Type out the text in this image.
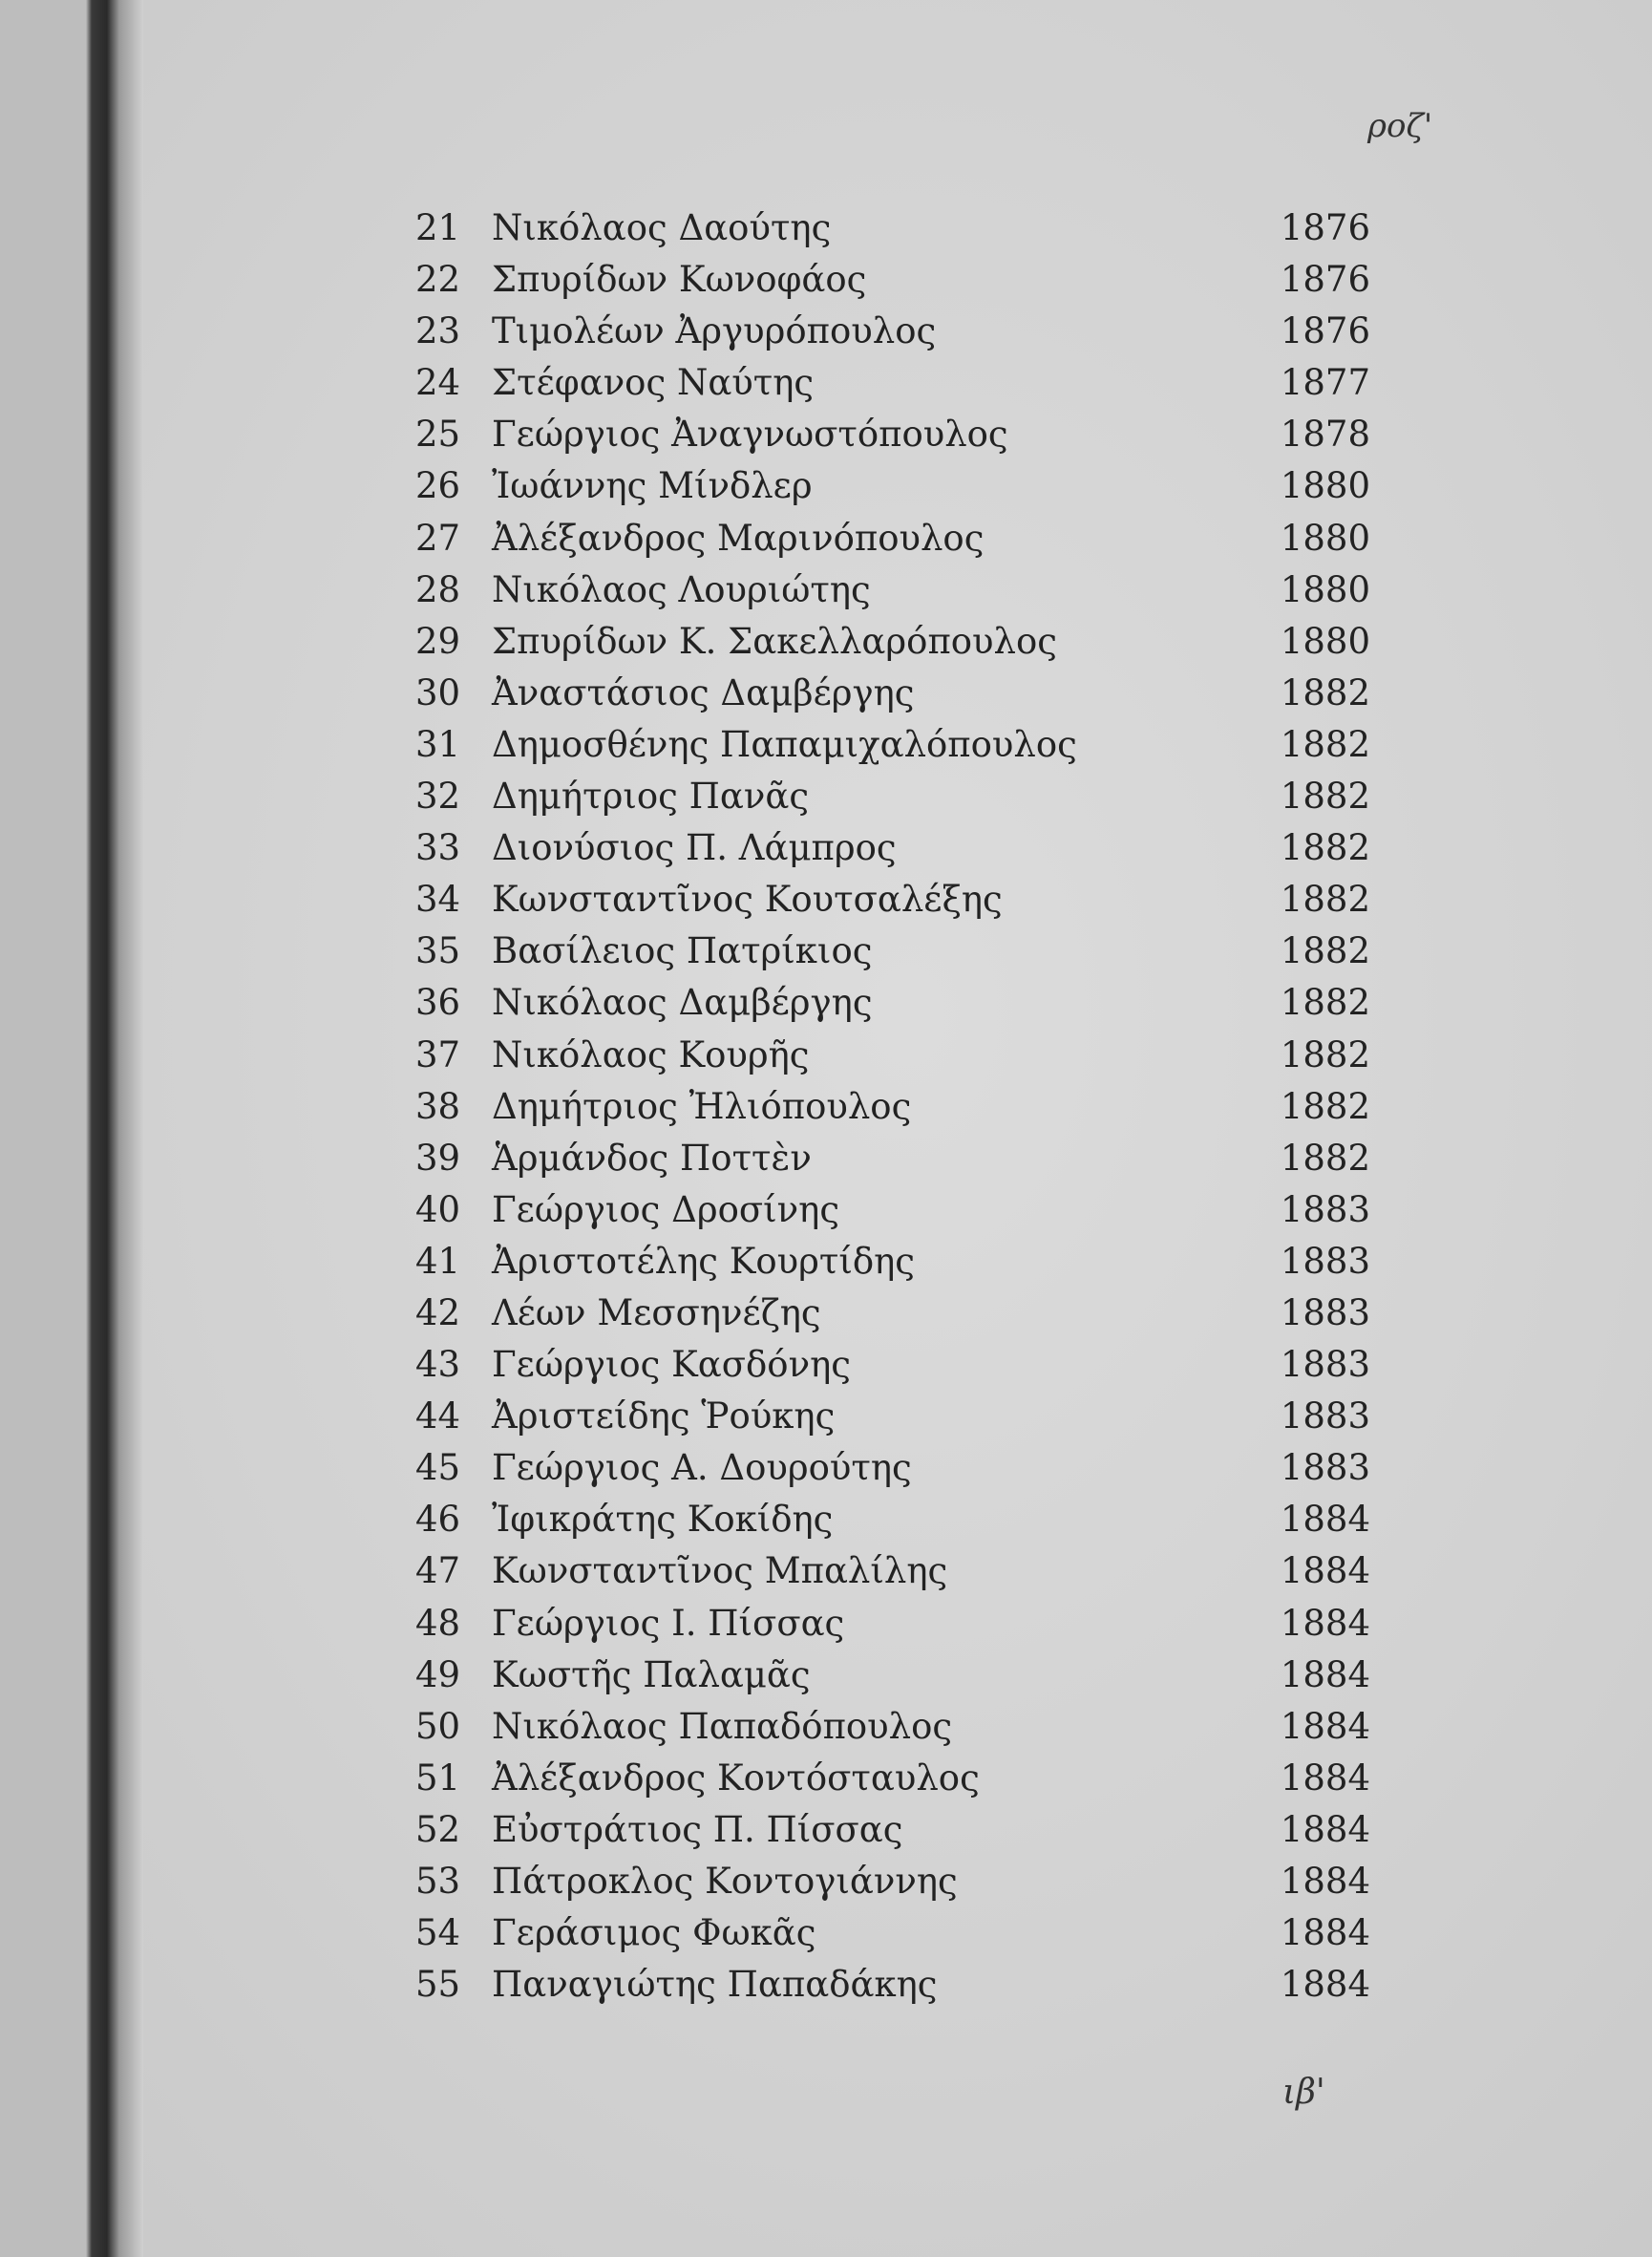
ροζ'
21 Νικόλαος Δαούτης	1876
22 Σπυρίδων Κωνοφάος	1876
23 Τιμολέων Ἀργυρόπουλος	1876
24 Στέφανος Ναύτης	1877
25 Γεώργιος Ἀναγνωστόπουλος	1878
26 Ἰωάννης Μίνδλερ	1880
27 Ἀλέξανδρος Μαρινόπουλος	1880
28 Νικόλαος Λουριώτης	1880
29 Σπυρίδων Κ. Σακελλαρόπουλος	1880
30 Ἀναστάσιος Δαμβέργης	1882
31 Δημοσθένης Παπαμιχαλόπουλος	1882
32 Δημήτριος Πανᾶς	1882
33 Διονύσιος Π. Λάμπρος	1882
34 Κωνσταντῖνος Κουτσαλέξης	1882
35 Βασίλειος Πατρίκιος	1882
36 Νικόλαος Δαμβέργης	1882
37 Νικόλαος Κουρῆς	1882
38 Δημήτριος Ἠλιόπουλος	1882
39 Ἁρμάνδος Ποττὲν	1882
40 Γεώργιος Δροσίνης	1883
41 Ἀριστοτέλης Κουρτίδης	1883
42 Λέων Μεσσηνέζης	1883
43 Γεώργιος Κασδόνης	1883
44 Ἀριστείδης Ῥούκης	1883
45 Γεώργιος Α. Δουρούτης	1883
46 Ἰφικράτης Κοκίδης	1884
47 Κωνσταντῖνος Μπαλίλης	1884
48 Γεώργιος Ι. Πίσσας	1884
49 Κωστῆς Παλαμᾶς	1884
50 Νικόλαος Παπαδόπουλος	1884
51 Ἀλέξανδρος Κοντόσταυλος	1884
52 Εὐστράτιος Π. Πίσσας	1884
53 Πάτροκλος Κοντογιάννης	1884
54 Γεράσιμος Φωκᾶς	1884
55 Παναγιώτης Παπαδάκης	1884
ιβ'
